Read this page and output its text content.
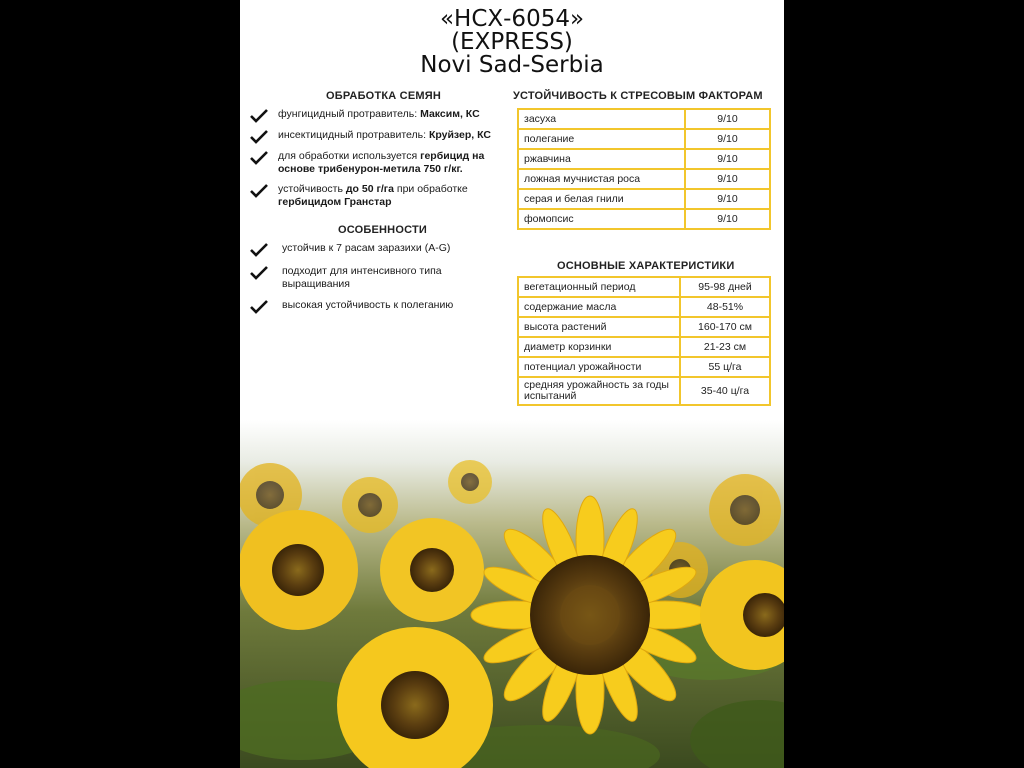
«НСХ-6054»
(EXPRESS)
Novi Sad-Serbia
ОБРАБОТКА СЕМЯН
фунгицидный протравитель: Максим, КС
инсектицидный протравитель: Круйзер, КС
для обработки используется гербицид на основе трибенурон-метила 750 г/кг.
устойчивость до 50 г/га при обработке гербицидом Гранстар
ОСОБЕННОСТИ
устойчив к 7 расам заразихи (A-G)
подходит для интенсивного типа выращивания
высокая устойчивость к полеганию
УСТОЙЧИВОСТЬ К СТРЕСОВЫМ ФАКТОРАМ
засуха	9/10
полегание	9/10
ржавчина	9/10
ложная мучнистая роса	9/10
серая и белая гнили	9/10
фомопсис	9/10
ОСНОВНЫЕ ХАРАКТЕРИСТИКИ
вегетационный период	95-98 дней
содержание масла	48-51%
высота растений	160-170 см
диаметр корзинки	21-23 см
потенциал урожайности	55 ц/га
средняя урожайность за годы испытаний	35-40 ц/га
